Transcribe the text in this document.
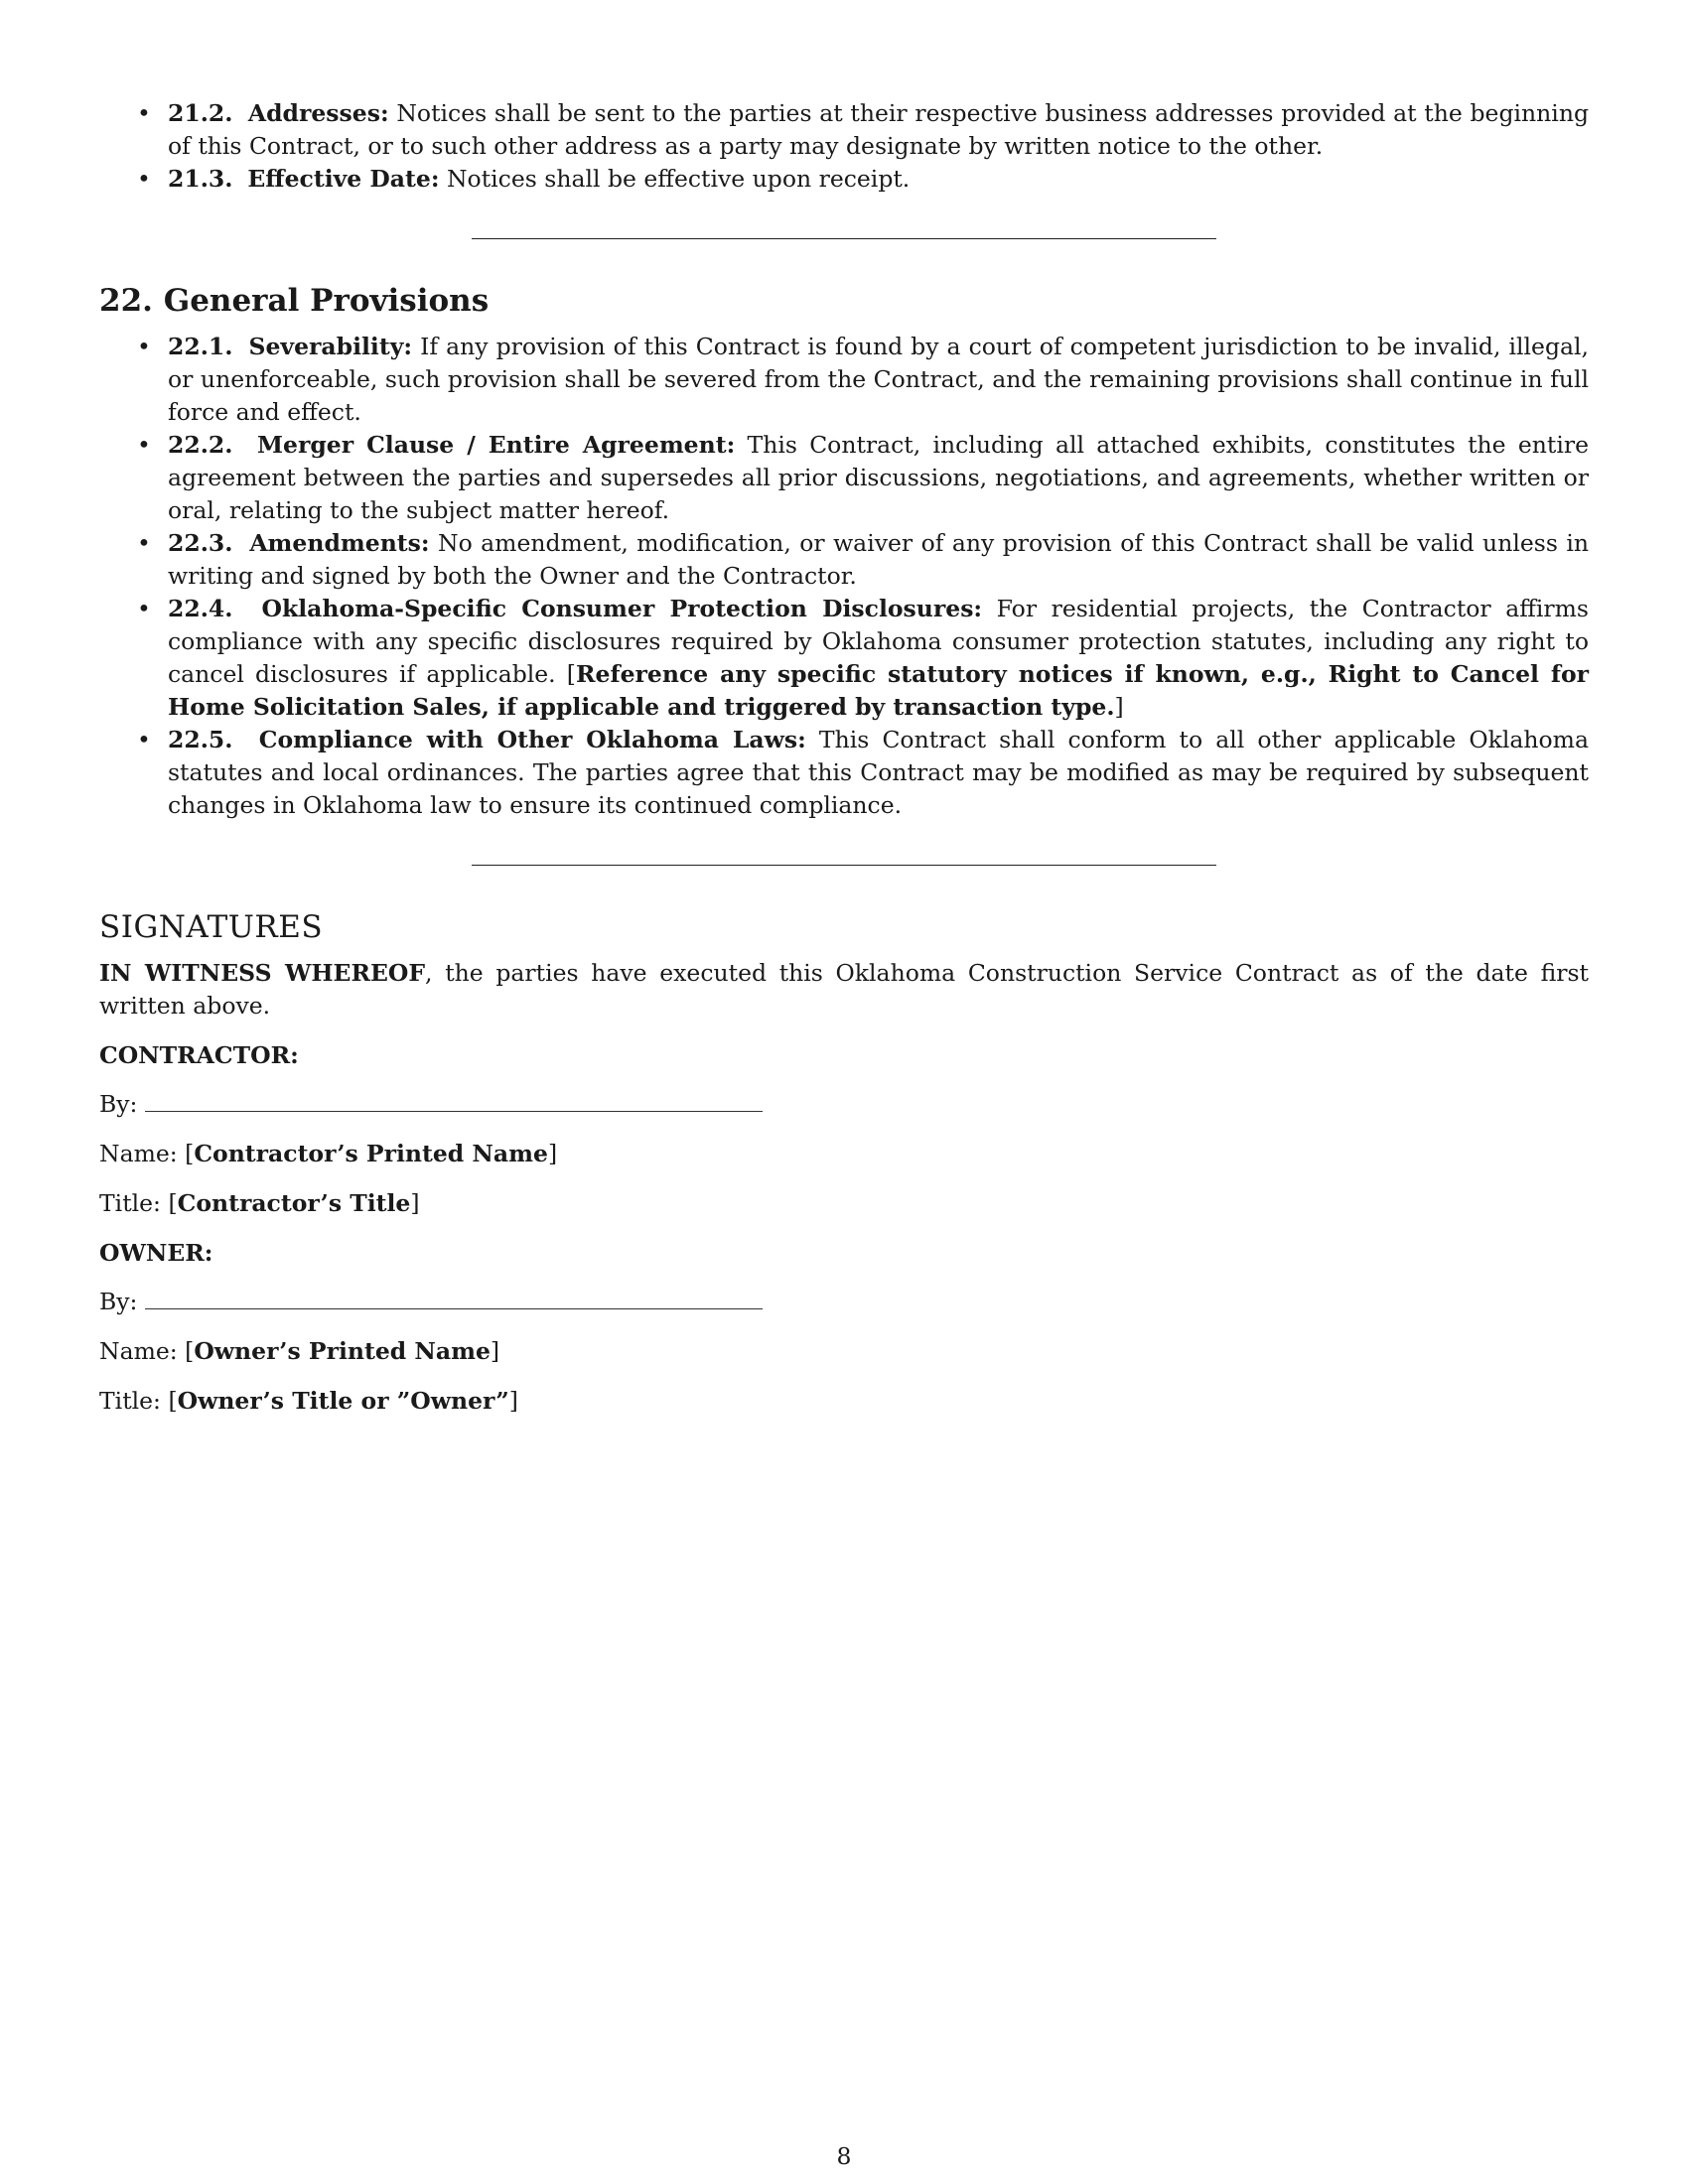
• 21.2. Addresses: Notices shall be sent to the parties at their respective business addresses provided at the beginning of this Contract, or to such other address as a party may designate by written notice to the other.
• 21.3. Effective Date: Notices shall be effective upon receipt.
22. General Provisions
• 22.1. Severability: If any provision of this Contract is found by a court of competent jurisdiction to be invalid, illegal, or unenforceable, such provision shall be severed from the Contract, and the remaining provisions shall continue in full force and effect.
• 22.2. Merger Clause / Entire Agreement: This Contract, including all attached exhibits, constitutes the entire agreement between the parties and supersedes all prior discussions, negotiations, and agreements, whether written or oral, relating to the subject matter hereof.
• 22.3. Amendments: No amendment, modification, or waiver of any provision of this Contract shall be valid unless in writing and signed by both the Owner and the Contractor.
• 22.4. Oklahoma-Specific Consumer Protection Disclosures: For residential projects, the Contractor affirms compliance with any specific disclosures required by Oklahoma consumer protection statutes, including any right to cancel disclosures if applicable. [Reference any specific statutory notices if known, e.g., Right to Cancel for Home Solicitation Sales, if applicable and triggered by transaction type.]
• 22.5. Compliance with Other Oklahoma Laws: This Contract shall conform to all other applicable Oklahoma statutes and local ordinances. The parties agree that this Contract may be modified as may be required by subsequent changes in Oklahoma law to ensure its continued compliance.
SIGNATURES

IN WITNESS WHEREOF, the parties have executed this Oklahoma Construction Service Contract as of the date first written above.

CONTRACTOR:

By:

Name: [Contractor’s Printed Name]

Title: [Contractor’s Title]

OWNER:

By:

Name: [Owner’s Printed Name]

Title: [Owner’s Title or ”Owner”]

8
